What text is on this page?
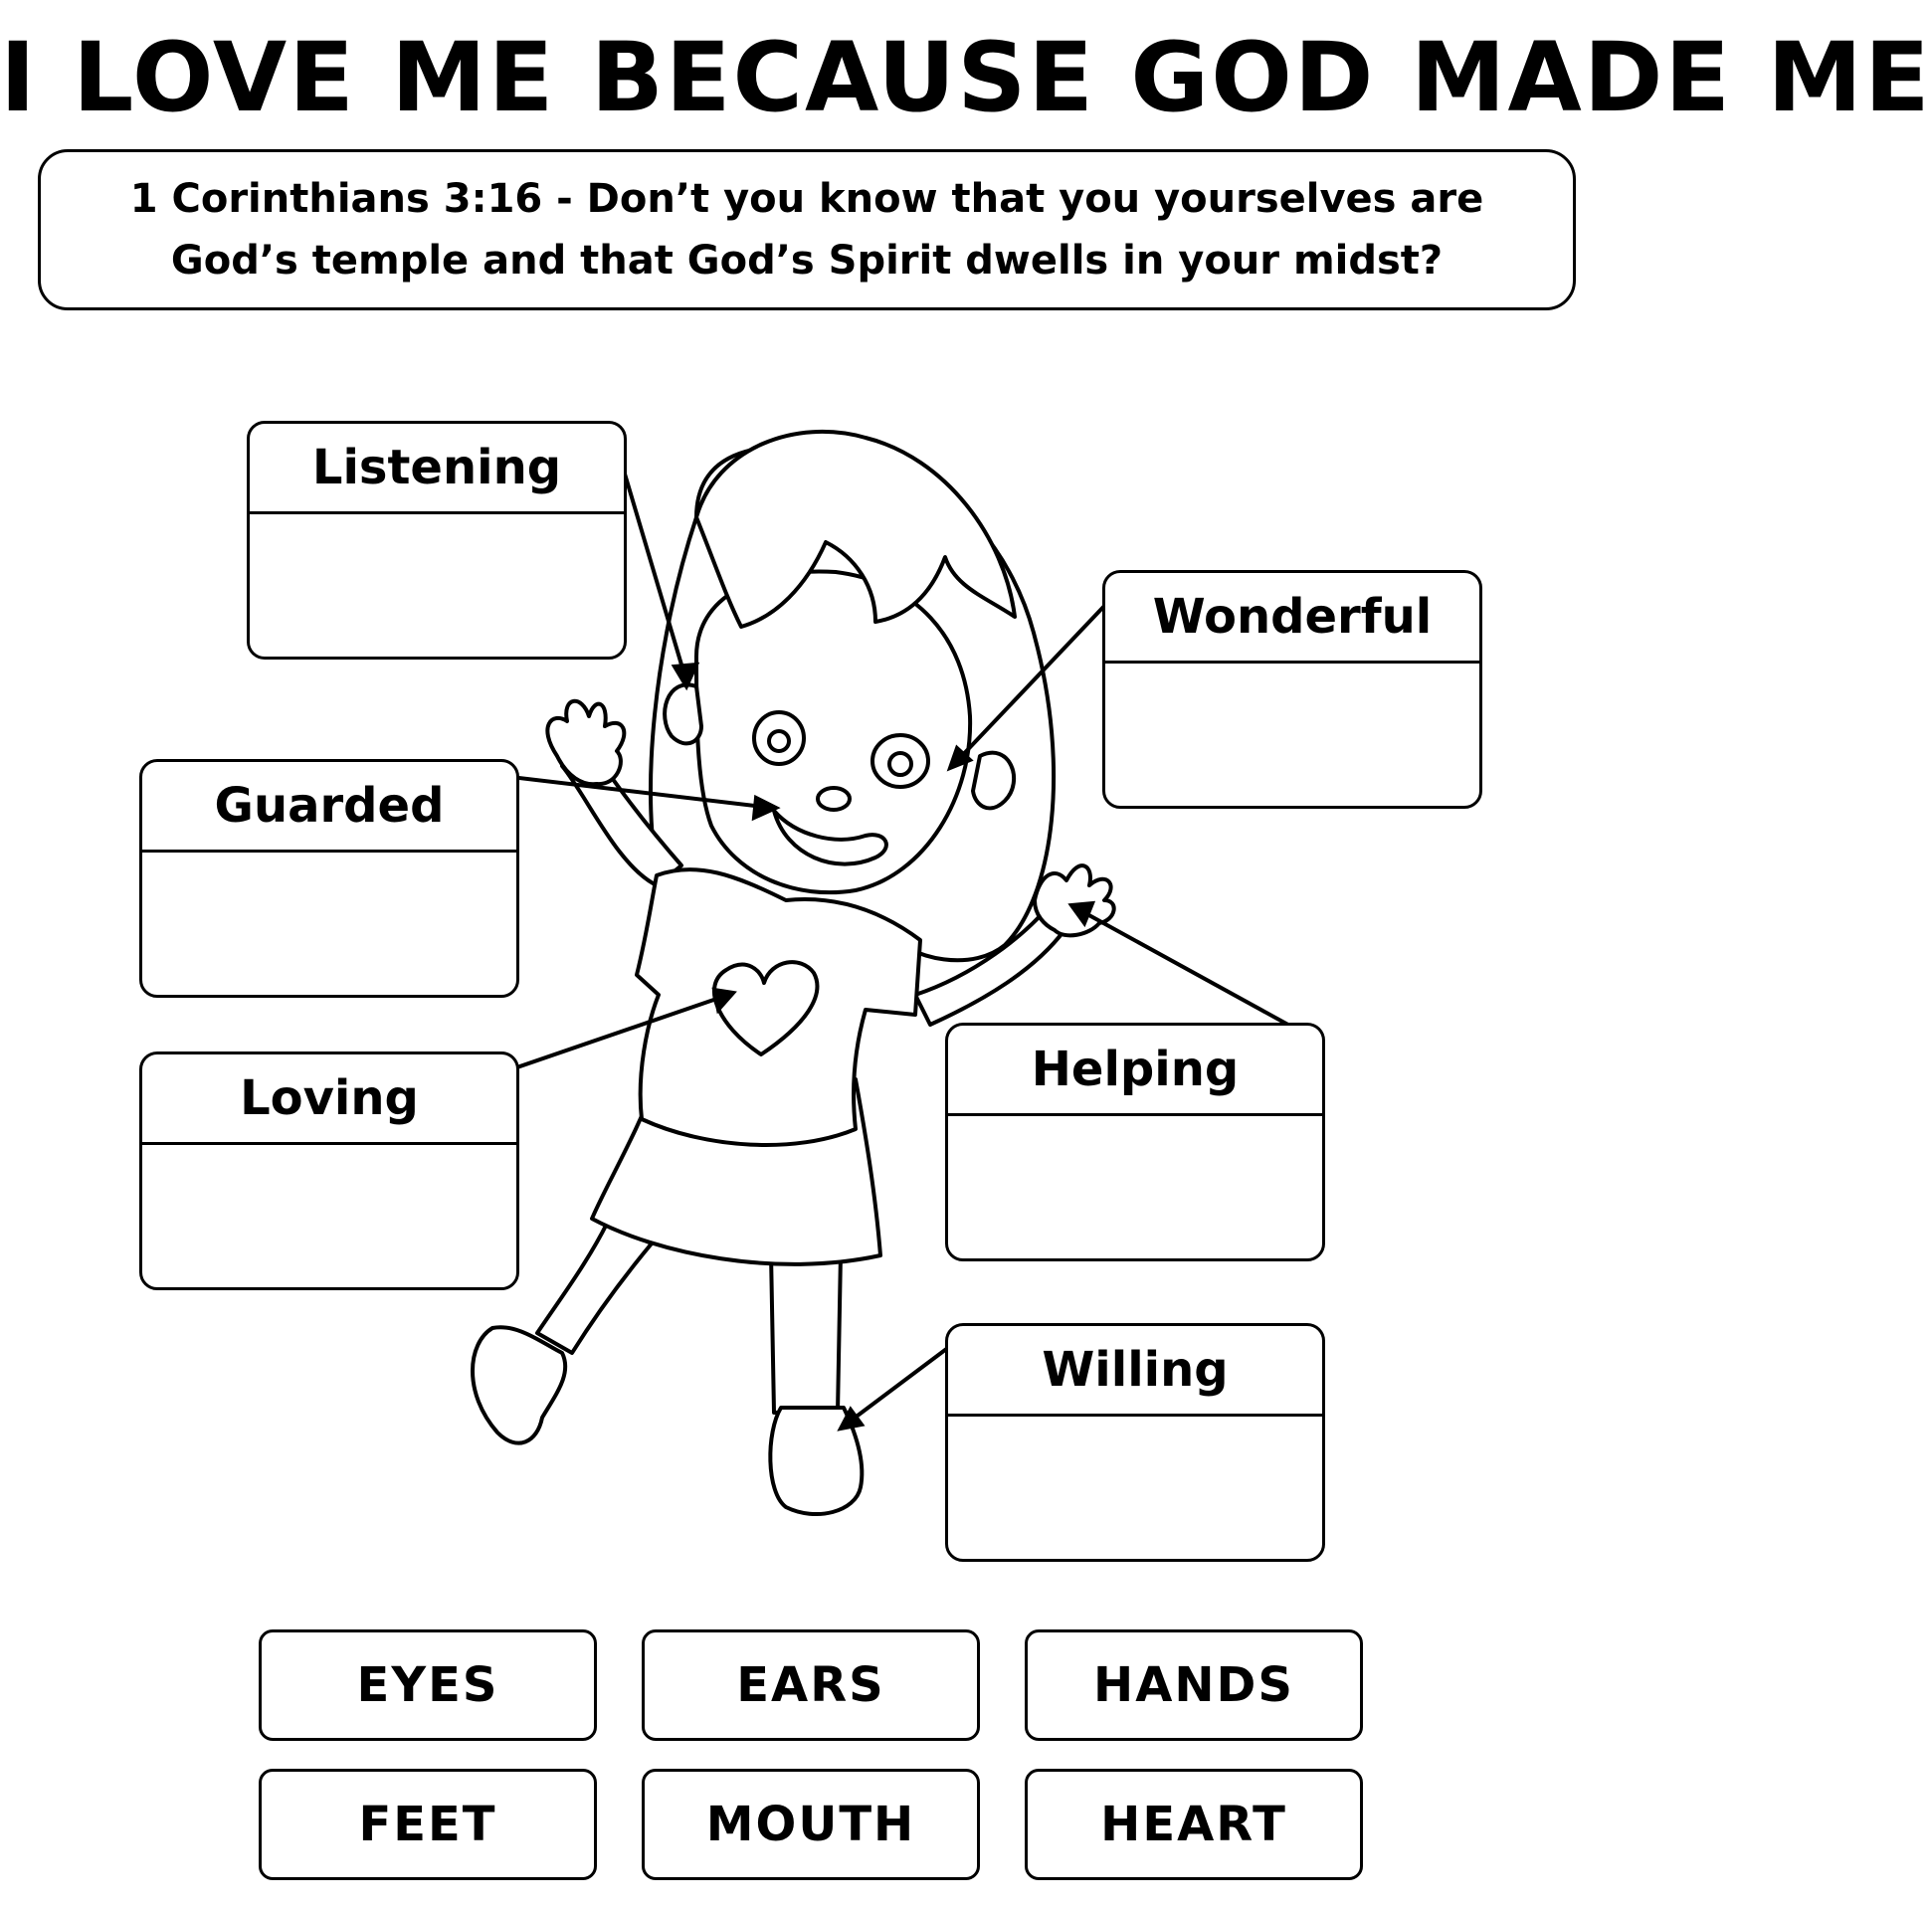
I LOVE ME BECAUSE GOD MADE ME
1 Corinthians 3:16 - Don’t you know that you yourselves are God’s temple and that God’s Spirit dwells in your midst?
Listening
Wonderful
Guarded
Loving
Helping
Willing
EYES	EARS	HANDS
FEET	MOUTH	HEART
